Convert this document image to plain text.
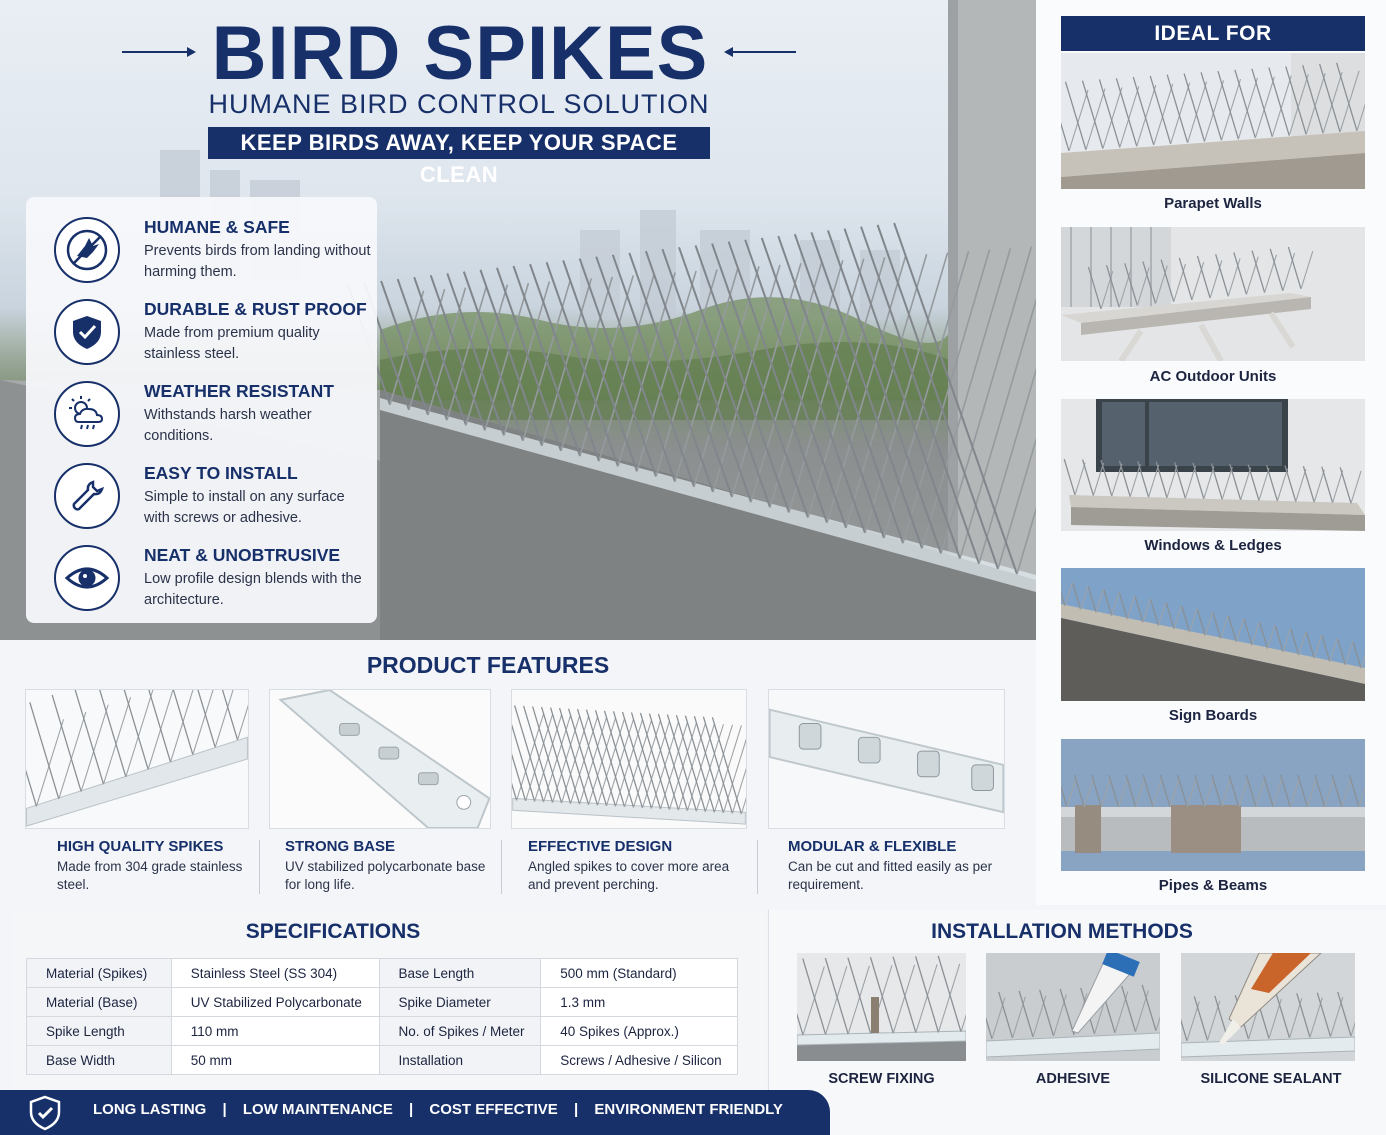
BIRD SPIKES
HUMANE BIRD CONTROL SOLUTION
KEEP BIRDS AWAY, KEEP YOUR SPACE CLEAN
HUMANE & SAFE
Prevents birds from landing without harming them.
DURABLE & RUST PROOF
Made from premium quality stainless steel.
WEATHER RESISTANT
Withstands harsh weather conditions.
EASY TO INSTALL
Simple to install on any surface with screws or adhesive.
NEAT & UNOBTRUSIVE
Low profile design blends with the architecture.
IDEAL FOR
Parapet Walls
AC Outdoor Units
Windows & Ledges
Sign Boards
Pipes & Beams
PRODUCT FEATURES
HIGH QUALITY SPIKES
Made from 304 grade stainless steel.
STRONG BASE
UV stabilized polycarbonate base for long life.
EFFECTIVE DESIGN
Angled spikes to cover more area and prevent perching.
MODULAR & FLEXIBLE
Can be cut and fitted easily as per requirement.
SPECIFICATIONS
Material (Spikes)	Stainless Steel (SS 304)	Base Length	500 mm (Standard)
Material (Base)	UV Stabilized Polycarbonate	Spike Diameter	1.3 mm
Spike Length	110 mm	No. of Spikes / Meter	40 Spikes (Approx.)
Base Width	50 mm	Installation	Screws / Adhesive / Silicon
INSTALLATION METHODS
SCREW FIXING	ADHESIVE	SILICONE SEALANT
LONG LASTING | LOW MAINTENANCE | COST EFFECTIVE | ENVIRONMENT FRIENDLY
